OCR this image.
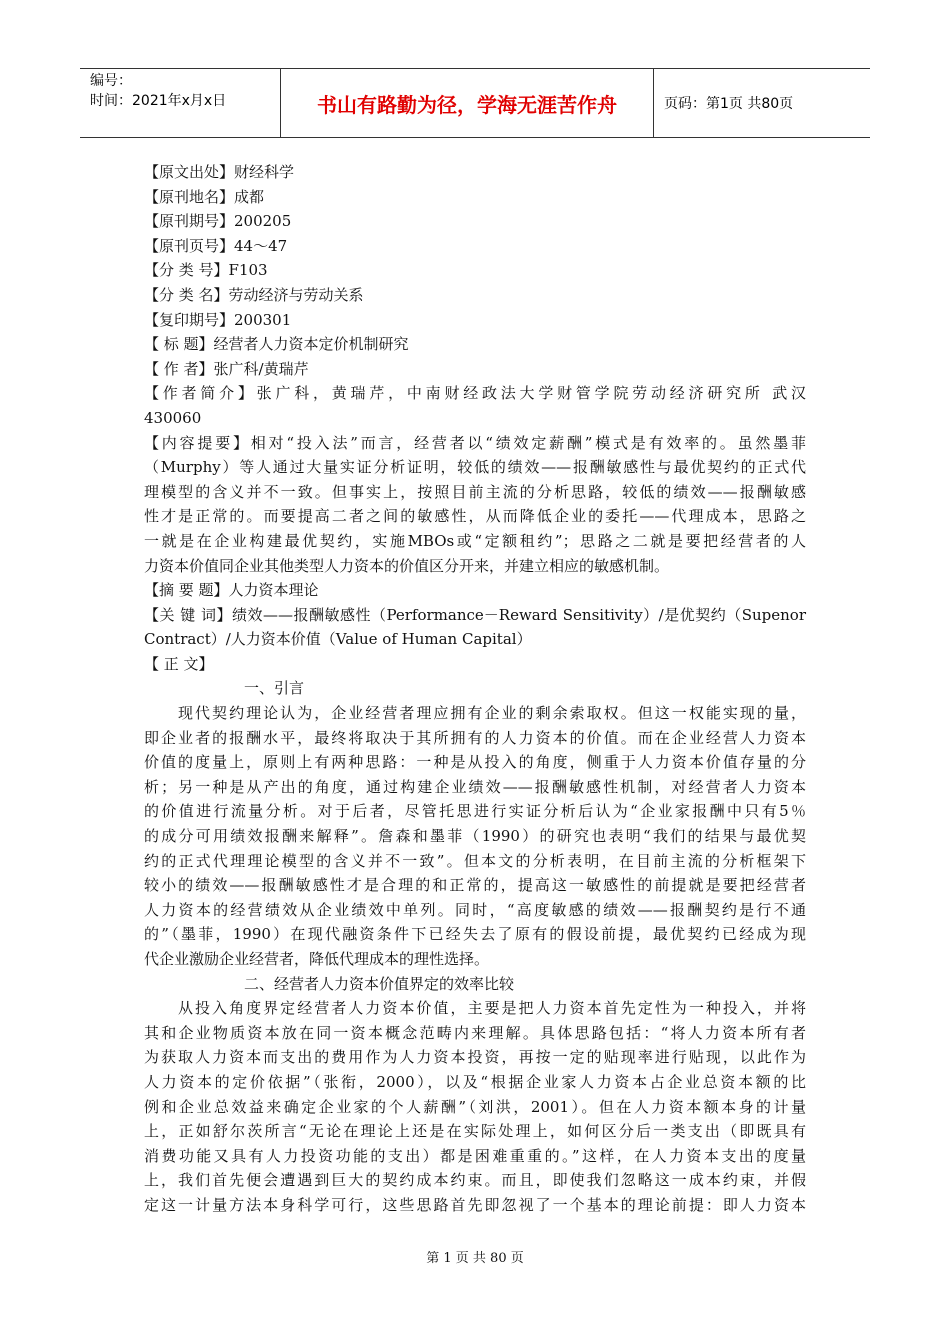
编号：
时间：2021年x月x日	书山有路勤为径，学海无涯苦作舟	页码：第1页 共80页
【原文出处】财经科学
【原刊地名】成都
【原刊期号】200205
【原刊页号】44～47
【分 类 号】F103
【分 类 名】劳动经济与劳动关系
【复印期号】200301
【 标 题】经营者人力资本定价机制研究
【 作 者】张广科/黄瑞芹
【作者简介】张广科，黄瑞芹，中南财经政法大学财管学院劳动经济研究所 武汉
430060
【内容提要】相对“投入法”而言，经营者以“绩效定薪酬”模式是有效率的。虽然墨菲
（Murphy）等人通过大量实证分析证明，较低的绩效——报酬敏感性与最优契约的正式代
理模型的含义并不一致。但事实上，按照目前主流的分析思路，较低的绩效——报酬敏感
性才是正常的。而要提高二者之间的敏感性，从而降低企业的委托——代理成本，思路之
一就是在企业构建最优契约，实施MBOs或“定额租约”；思路之二就是要把经营者的人
力资本价值同企业其他类型人力资本的价值区分开来，并建立相应的敏感机制。
【摘 要 题】人力资本理论
【关 键 词】绩效——报酬敏感性（Performance－Reward Sensitivity）/是优契约（Supenor
Contract）/人力资本价值（Value of Human Capital）
【 正 文】
一、引言
现代契约理论认为，企业经营者理应拥有企业的剩余索取权。但这一权能实现的量，
即企业者的报酬水平，最终将取决于其所拥有的人力资本的价值。而在企业经营人力资本
价值的度量上，原则上有两种思路：一种是从投入的角度，侧重于人力资本价值存量的分
析；另一种是从产出的角度，通过构建企业绩效——报酬敏感性机制，对经营者人力资本
的价值进行流量分析。对于后者，尽管托思进行实证分析后认为“企业家报酬中只有5％
的成分可用绩效报酬来解释”。詹森和墨菲（1990）的研究也表明“我们的结果与最优契
约的正式代理理论模型的含义并不一致”。但本文的分析表明，在目前主流的分析框架下
较小的绩效——报酬敏感性才是合理的和正常的，提高这一敏感性的前提就是要把经营者
人力资本的经营绩效从企业绩效中单列。同时，“高度敏感的绩效——报酬契约是行不通
的”（墨菲，1990）在现代融资条件下已经失去了原有的假设前提，最优契约已经成为现
代企业激励企业经营者，降低代理成本的理性选择。
二、经营者人力资本价值界定的效率比较
从投入角度界定经营者人力资本价值，主要是把人力资本首先定性为一种投入，并将
其和企业物质资本放在同一资本概念范畴内来理解。具体思路包括：“将人力资本所有者
为获取人力资本而支出的费用作为人力资本投资，再按一定的贴现率进行贴现，以此作为
人力资本的定价依据”（张衔，2000），以及“根据企业家人力资本占企业总资本额的比
例和企业总效益来确定企业家的个人薪酬”（刘洪，2001）。但在人力资本额本身的计量
上，正如舒尔茨所言“无论在理论上还是在实际处理上，如何区分后一类支出（即既具有
消费功能又具有人力投资功能的支出）都是困难重重的。”这样，在人力资本支出的度量
上，我们首先便会遭遇到巨大的契约成本约束。而且，即使我们忽略这一成本约束，并假
定这一计量方法本身科学可行，这些思路首先即忽视了一个基本的理论前提：即人力资本
第 1 页 共 80 页
